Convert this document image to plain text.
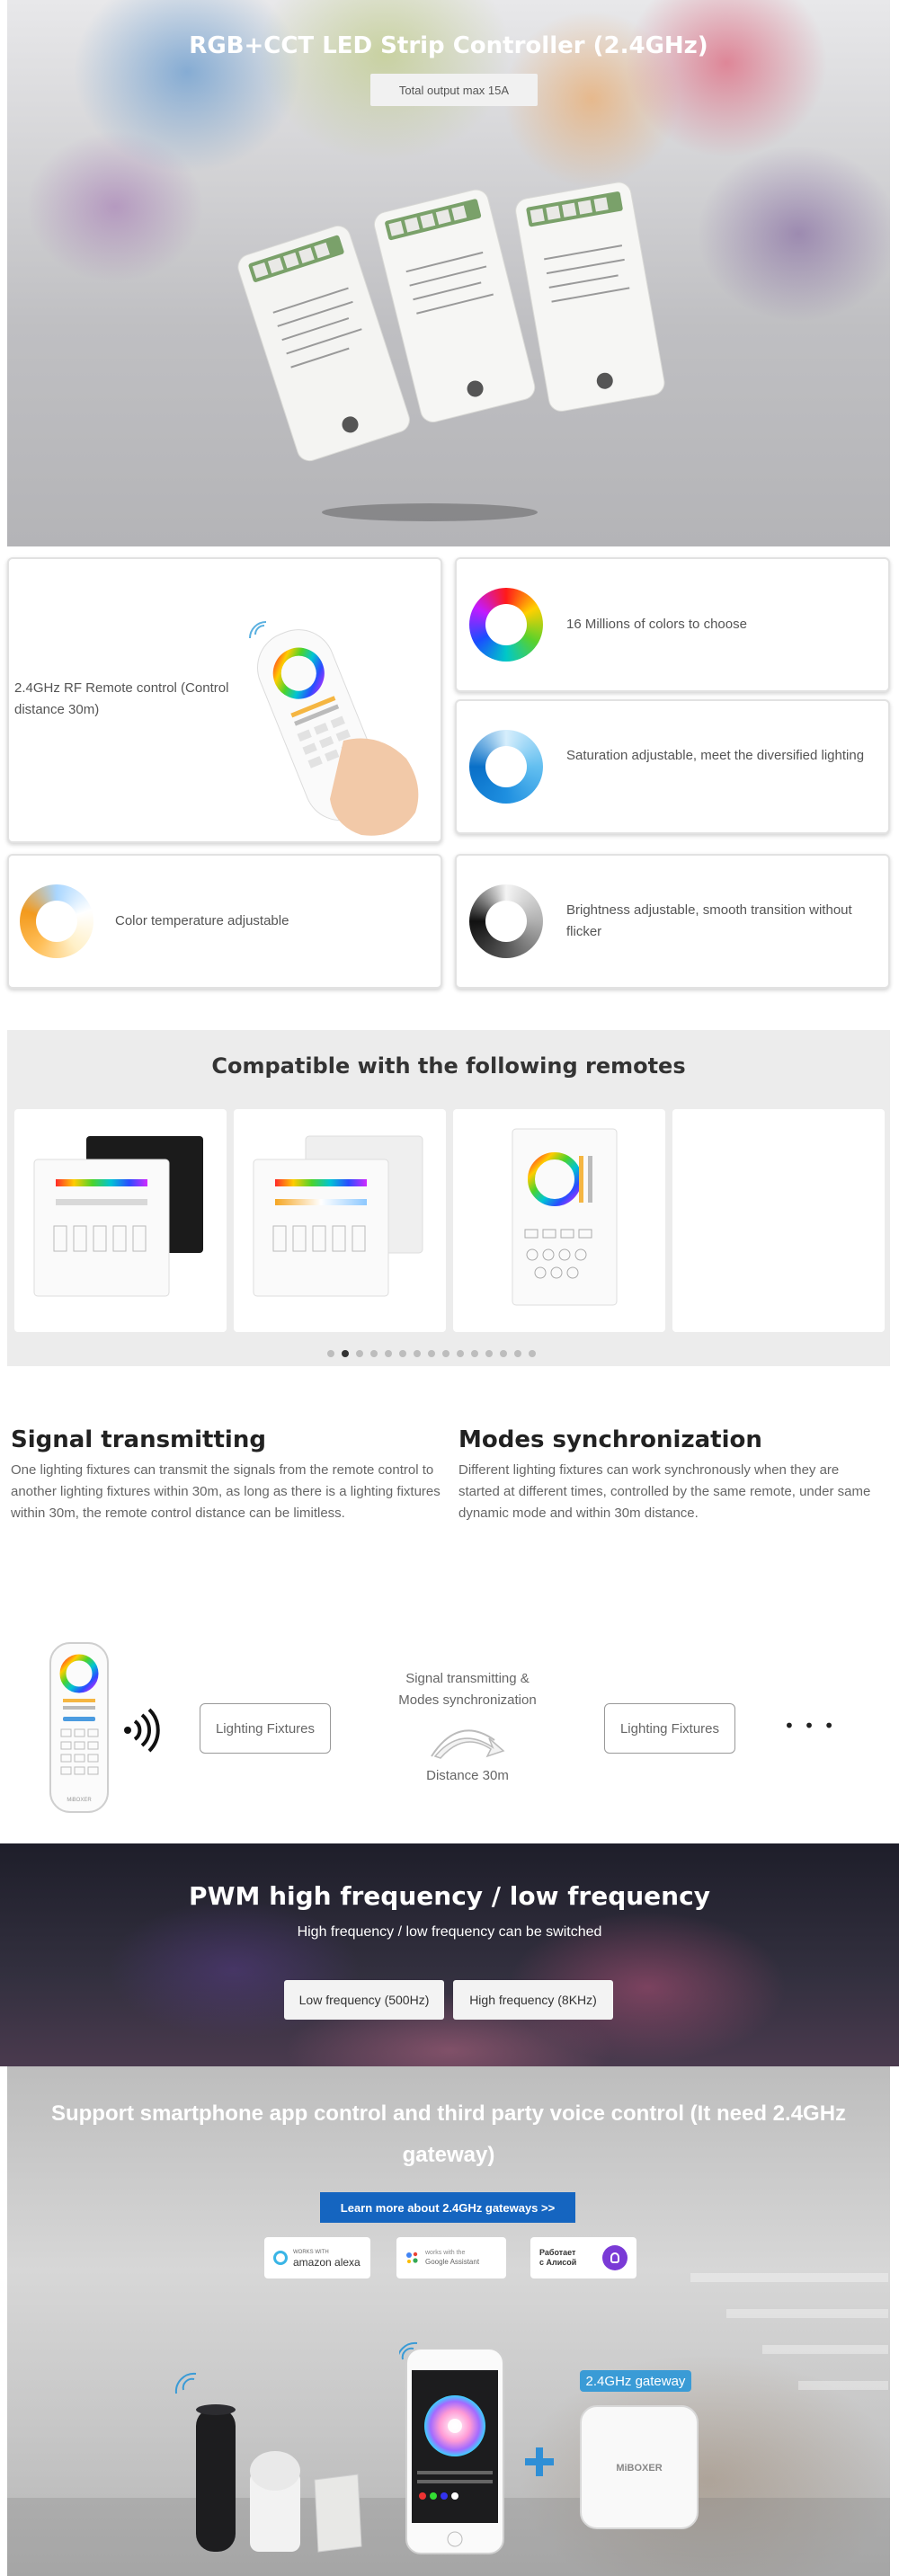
RGB+CCT LED Strip Controller (2.4GHz)
Total output max 15A
2.4GHz RF Remote control (Control distance 30m)
16 Millions of colors to choose
Saturation adjustable, meet the diversified lighting
Color temperature adjustable
Brightness adjustable, smooth transition without flicker
Compatible with the following remotes
Signal transmitting

One lighting fixtures can transmit the signals from the remote control to another lighting fixtures within 30m, as long as there is a lighting fixtures within 30m, the remote control distance can be limitless.

Modes synchronization

Different lighting fixtures can work synchronously when they are started at different times, controlled by the same remote, under same dynamic mode and within 30m distance.

MiBOXER
Lighting Fixtures
Signal transmitting &
Modes synchronization
Distance 30m
Lighting Fixtures	• • •
PWM high frequency / low frequency

High frequency / low frequency can be switched

Low frequency (500Hz)	High frequency (8KHz)
Support smartphone app control and third party voice control (It need 2.4GHz gateway)
Learn more about 2.4GHz gateways >>
WORKS WITH
amazon alexa
works with the
Google Assistant
Работает
с Алисой
2.4GHz gateway
MiBOXER
